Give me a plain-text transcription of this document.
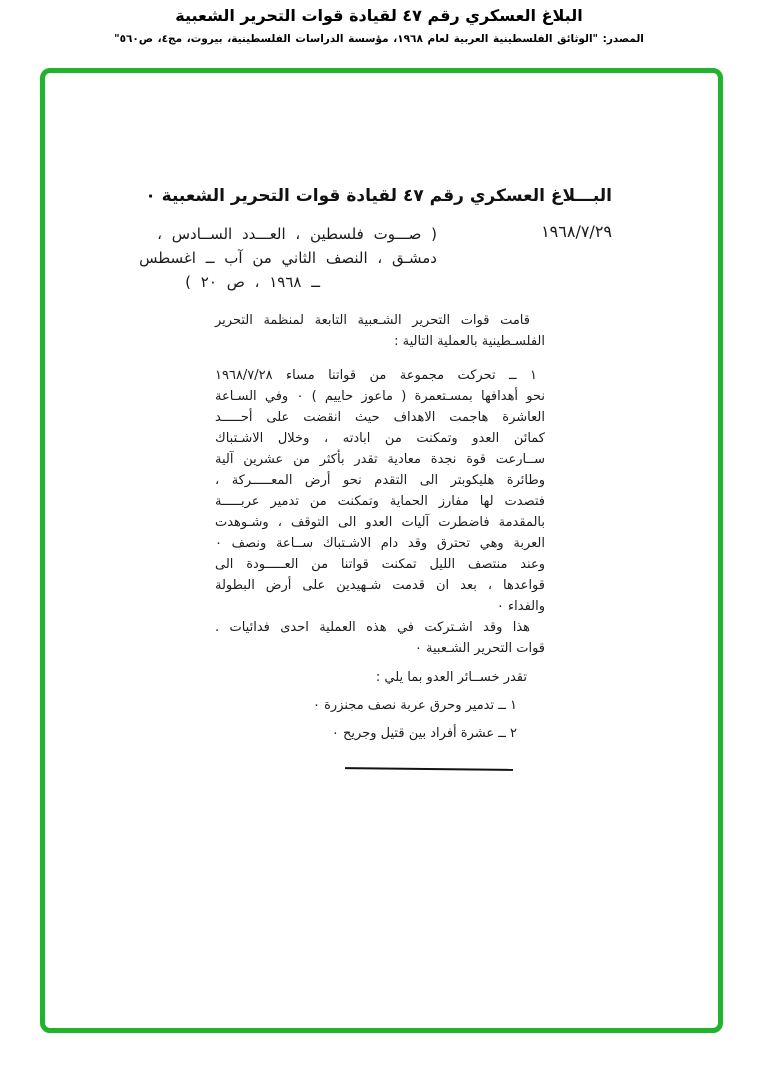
البلاغ العسكري رقم ٤٧ لقيادة قوات التحرير الشعبية
المصدر: "الوثائق الفلسطينية العربية لعام ١٩٦٨، مؤسسة الدراسات الفلسطينية، بيروت، مج٤، ص٥٦٠"
البـــلاغ العسكري رقم ٤٧ لقيادة قوات التحرير الشعبية ٠
١٩٦٨/٧/٢٩
( صـــوت فلسطين ، العـــدد الســادس ،
دمشـق ، النصف الثاني من آب ــ اغسطس
ــ ١٩٦٨ ، ص ٢٠ )
قامت قوات التحرير الشـعبية التابعة لمنظمة التحرير
الفلسـطينية بالعملية التالية :
١ ــ تحركت مجموعة من قواتنا مساء ١٩٦٨/٧/٢٨
نحو أهدافها بمسـتعمرة ( ماعوز حاييم ) ٠ وفي السـاعة
العاشرة هاجمت الاهداف حيث انقضت على أحـــــد
كمائن العدو وتمكنت من ابادته ، وخلال الاشـتباك
ســارعت قوة نجدة معادية تقدر بأكثر من عشرين آلية
وطائرة هليكوبتر الى التقدم نحو أرض المعـــــركة ،
فتصدت لها مفارز الحماية وتمكنت من تدمير عربـــــة
بالمقدمة فاضطرت آليات العدو الى التوقف ، وشـوهدت
العربة وهي تحترق وقد دام الاشـتباك ســاعة ونصف ٠
وعند منتصف الليل تمكنت قواتنا من العـــــودة الى
قواعدها ، بعد ان قدمت شـهيدين على أرض البطولة
والفداء ٠
هذا وقد اشـتركت في هذه العملية احدى فدائيات .
قوات التحرير الشـعبية ٠
تقدر خســائر العدو بما يلي :
١ ــ تدمير وحرق عربة نصف مجنزرة ٠
٢ ــ عشرة أفراد بين قتيل وجريح ٠
